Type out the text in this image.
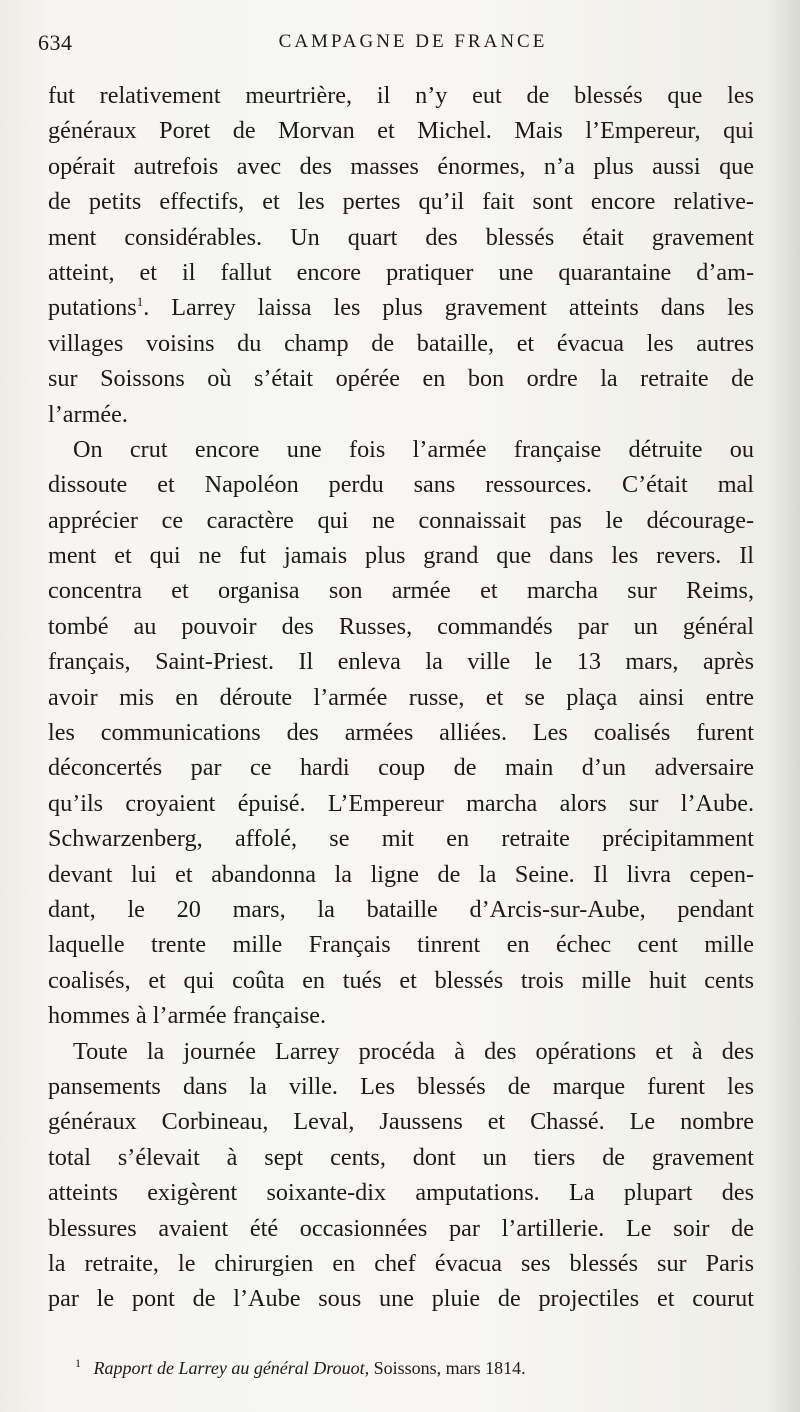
634	CAMPAGNE DE FRANCE
fut relativement meurtrière, il n’y eut de blessés que les
généraux Poret de Morvan et Michel. Mais l’Empereur, qui
opérait autrefois avec des masses énormes, n’a plus aussi que
de petits effectifs, et les pertes qu’il fait sont encore relative-
ment considérables. Un quart des blessés était gravement
atteint, et il fallut encore pratiquer une quarantaine d’am-
putations$^1$. Larrey laissa les plus gravement atteints dans les
villages voisins du champ de bataille, et évacua les autres
sur Soissons où s’était opérée en bon ordre la retraite de
l’armée.
On crut encore une fois l’armée française détruite ou
dissoute et Napoléon perdu sans ressources. C’était mal
apprécier ce caractère qui ne connaissait pas le découragе-
ment et qui ne fut jamais plus grand que dans les revers. Il
concentra et organisa son armée et marcha sur Reims,
tombé au pouvoir des Russes, commandés par un général
français, Saint-Priest. Il enleva la ville le 13 mars, après
avoir mis en déroute l’armée russe, et se plaça ainsi entre
les communications des armées alliées. Les coalisés furent
déconcertés par ce hardi coup de main d’un adversaire
qu’ils croyaient épuisé. L’Empereur marcha alors sur l’Aube.
Schwarzenberg, affolé, se mit en retraite précipitamment
devant lui et abandonna la ligne de la Seine. Il livra cepen-
dant, le 20 mars, la bataille d’Arcis-sur-Aube, pendant
laquelle trente mille Français tinrent en échec cent mille
coalisés, et qui coûta en tués et blessés trois mille huit cents
hommes à l’armée française.
Toute la journée Larrey procéda à des opérations et à des
pansements dans la ville. Les blessés de marque furent les
généraux Corbineau, Leval, Jaussens et Chassé. Le nombre
total s’élevait à sept cents, dont un tiers de gravement
atteints exigèrent soixante-dix amputations. La plupart des
blessures avaient été occasionnées par l’artillerie. Le soir de
la retraite, le chirurgien en chef évacua ses blessés sur Paris
par le pont de l’Aube sous une pluie de projectiles et courut
$^1$ Rapport de Larrey au général Drouot, Soissons, mars 1814.
